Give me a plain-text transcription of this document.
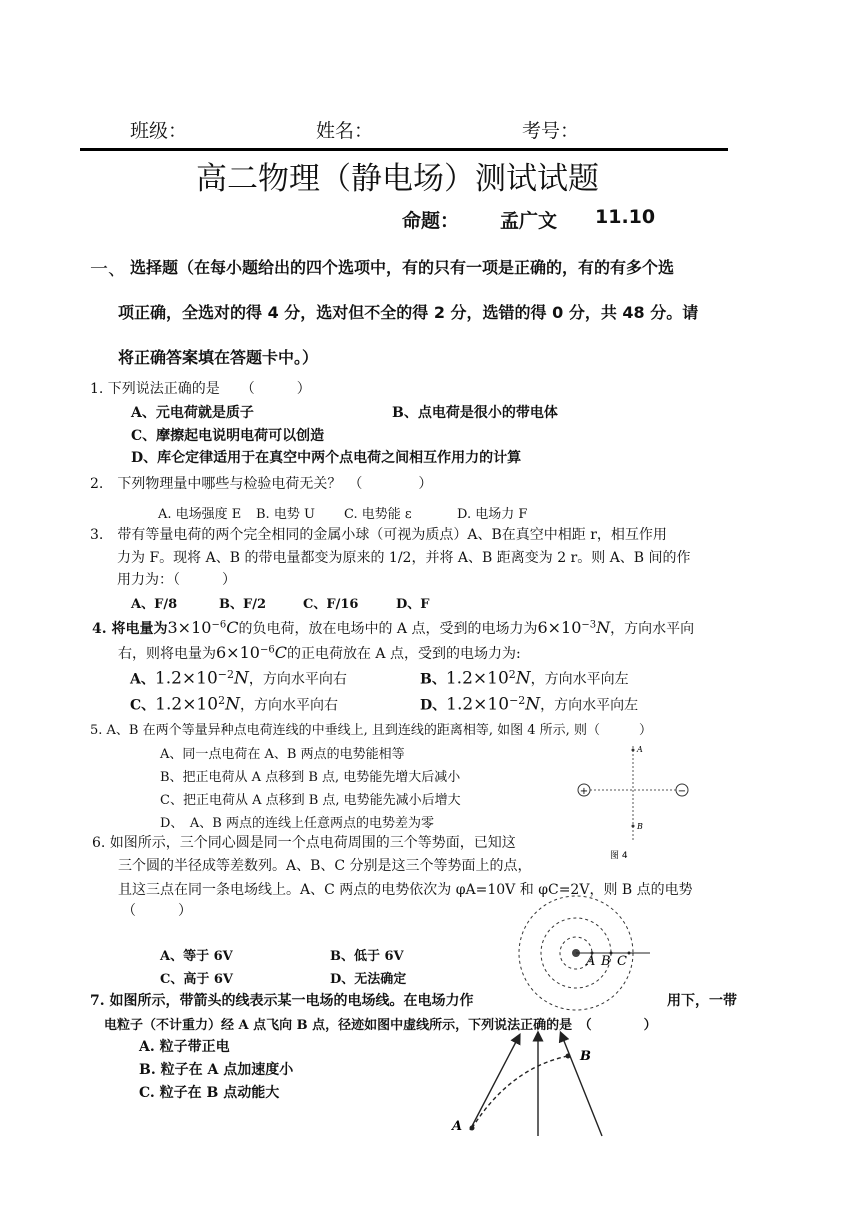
班级：	姓名：	考号：
高二物理（静电场）测试试题
命题： 孟广文 11.10
一、 选择题（在每小题给出的四个选项中，有的只有一项是正确的，有的有多个选
项正确，全选对的得 4 分，选对但不全的得 2 分，选错的得 0 分，共 48 分。请
将正确答案填在答题卡中。）
1. 下列说法正确的是　　（　　　）
A、元电荷就是质子	B、点电荷是很小的带电体
C、摩擦起电说明电荷可以创造
D、库仑定律适用于在真空中两个点电荷之间相互作用力的计算
2.　下列物理量中哪些与检验电荷无关？　（　　　　）
A. 电场强度 E B. 电势 U C. 电势能 ε	D. 电场力 F
3.　带有等量电荷的两个完全相同的金属小球（可视为质点）A、B在真空中相距 r，相互作用
力为 F。现将 A、B 的带电量都变为原来的 1/2，并将 A、B 距离变为 2 r。则 A、B 间的作
用力为：（　　　）
A、F/8	B、F/2	C、F/16	D、F
4. 将电量为$3\times 10^{-6}C$的负电荷，放在电场中的 A 点，受到的电场力为$6\times 10^{-3}N$，方向水平向
右，则将电量为$6\times 10^{-6}C$的正电荷放在 A 点，受到的电场力为:
A、$1.2\times 10^{-2}N$，方向水平向右	B、$1.2\times 10^2N$，方向水平向左
C、$1.2\times 10^2N$，方向水平向右	D、$1.2\times 10^{-2}N$，方向水平向左
5. A、B 在两个等量异种点电荷连线的中垂线上, 且到连线的距离相等, 如图 4 所示, 则（　　　）
A、同一点电荷在 A、B 两点的电势能相等
B、把正电荷从 A 点移到 B 点, 电势能先增大后减小
C、把正电荷从 A 点移到 B 点, 电势能先减小后增大
D、　A、B 两点的连线上任意两点的电势差为零
+	−
A
B
图 4
6. 如图所示，三个同心圆是同一个点电荷周围的三个等势面，已知这
三个圆的半径成等差数列。A、B、C 分别是这三个等势面上的点，
且这三点在同一条电场线上。A、C 两点的电势依次为 φA=10V 和 φC=2V，则 B 点的电势
（　　　）
A、等于 6V	B、低于 6V
C、高于 6V	D、无法确定
A B C
7. 如图所示，带箭头的线表示某一电场的电场线。在电场力作	用下，一带
电粒子（不计重力）经 A 点飞向 B 点，径迹如图中虚线所示，下列说法正确的是　（　　　　）
A. 粒子带正电
B. 粒子在 A 点加速度小
C. 粒子在 B 点动能大
A
B
